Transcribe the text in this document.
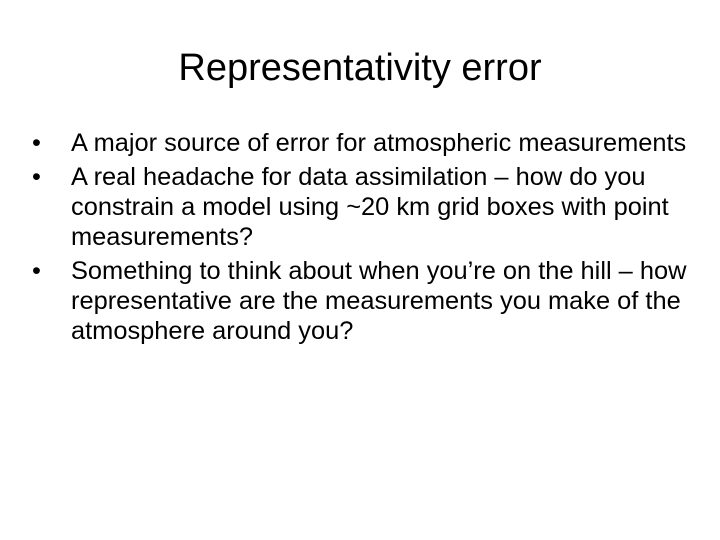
Representativity error
•	A major source of error for atmospheric measurements
•	A real headache for data assimilation – how do you constrain a model using ~20 km grid boxes with point measurements?
•	Something to think about when you’re on the hill – how representative are the measurements you make of the atmosphere around you?
